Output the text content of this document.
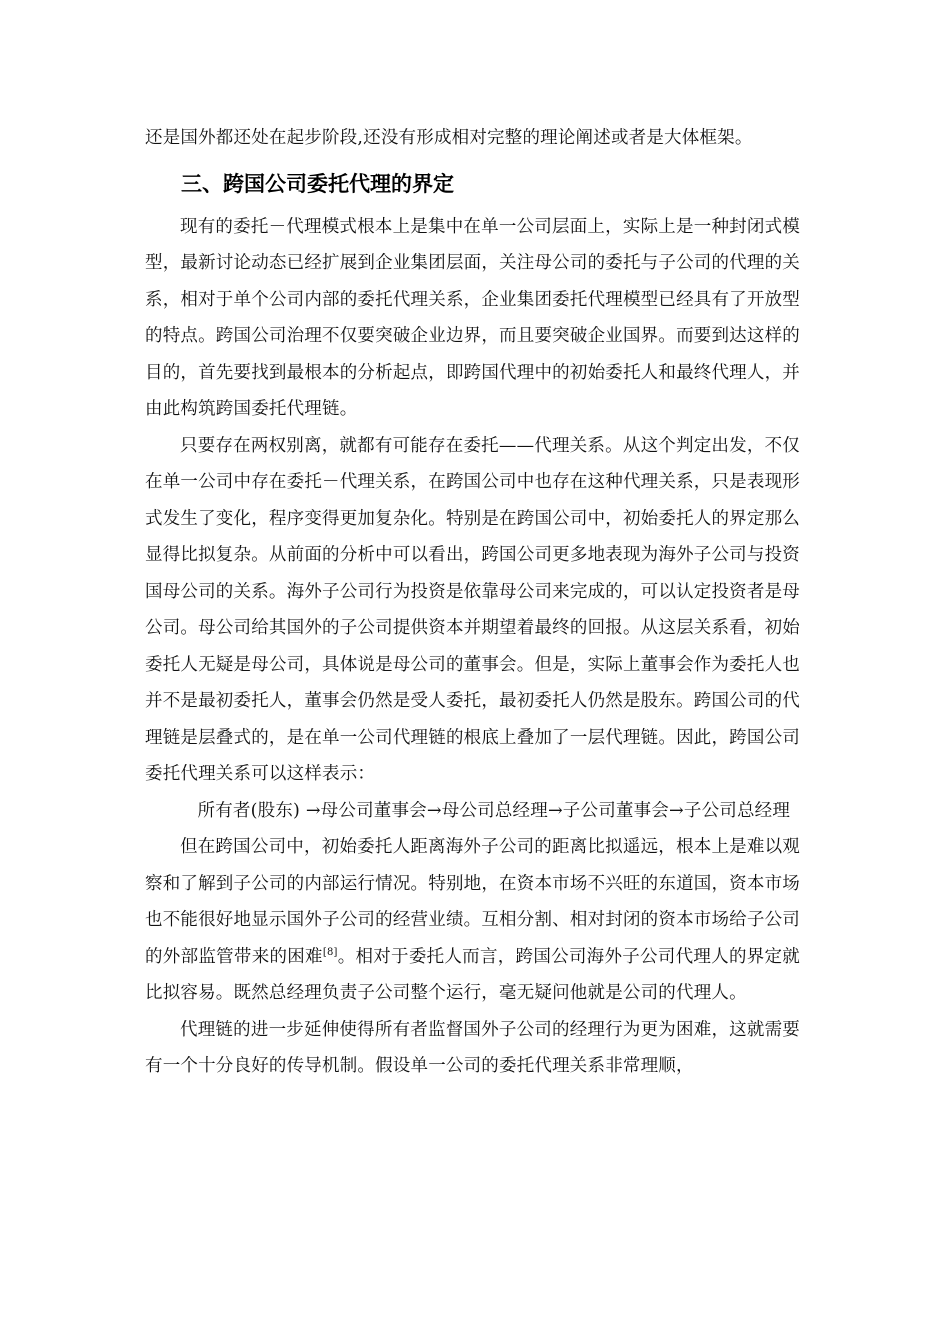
还是国外都还处在起步阶段,还没有形成相对完整的理论阐述或者是大体框架。

三、跨国公司委托代理的界定

现有的委托－代理模式根本上是集中在单一公司层面上，实际上是一种封闭式模型，最新讨论动态已经扩展到企业集团层面，关注母公司的委托与子公司的代理的关系，相对于单个公司内部的委托代理关系，企业集团委托代理模型已经具有了开放型的特点。跨国公司治理不仅要突破企业边界，而且要突破企业国界。而要到达这样的目的，首先要找到最根本的分析起点，即跨国代理中的初始委托人和最终代理人，并由此构筑跨国委托代理链。

只要存在两权别离，就都有可能存在委托——代理关系。从这个判定出发，不仅在单一公司中存在委托－代理关系，在跨国公司中也存在这种代理关系，只是表现形式发生了变化，程序变得更加复杂化。特别是在跨国公司中，初始委托人的界定那么显得比拟复杂。从前面的分析中可以看出，跨国公司更多地表现为海外子公司与投资国母公司的关系。海外子公司行为投资是依靠母公司来完成的，可以认定投资者是母公司。母公司给其国外的子公司提供资本并期望着最终的回报。从这层关系看，初始委托人无疑是母公司，具体说是母公司的董事会。但是，实际上董事会作为委托人也并不是最初委托人，董事会仍然是受人委托，最初委托人仍然是股东。跨国公司的代理链是层叠式的，是在单一公司代理链的根底上叠加了一层代理链。因此，跨国公司委托代理关系可以这样表示：

所有者(股东) →母公司董事会→母公司总经理→子公司董事会→子公司总经理

但在跨国公司中，初始委托人距离海外子公司的距离比拟遥远，根本上是难以观察和了解到子公司的内部运行情况。特别地，在资本市场不兴旺的东道国，资本市场也不能很好地显示国外子公司的经营业绩。互相分割、相对封闭的资本市场给子公司的外部监管带来的困难[8]。相对于委托人而言，跨国公司海外子公司代理人的界定就比拟容易。既然总经理负责子公司整个运行，毫无疑问他就是公司的代理人。

代理链的进一步延伸使得所有者监督国外子公司的经理行为更为困难，这就需要有一个十分良好的传导机制。假设单一公司的委托代理关系非常理顺，
